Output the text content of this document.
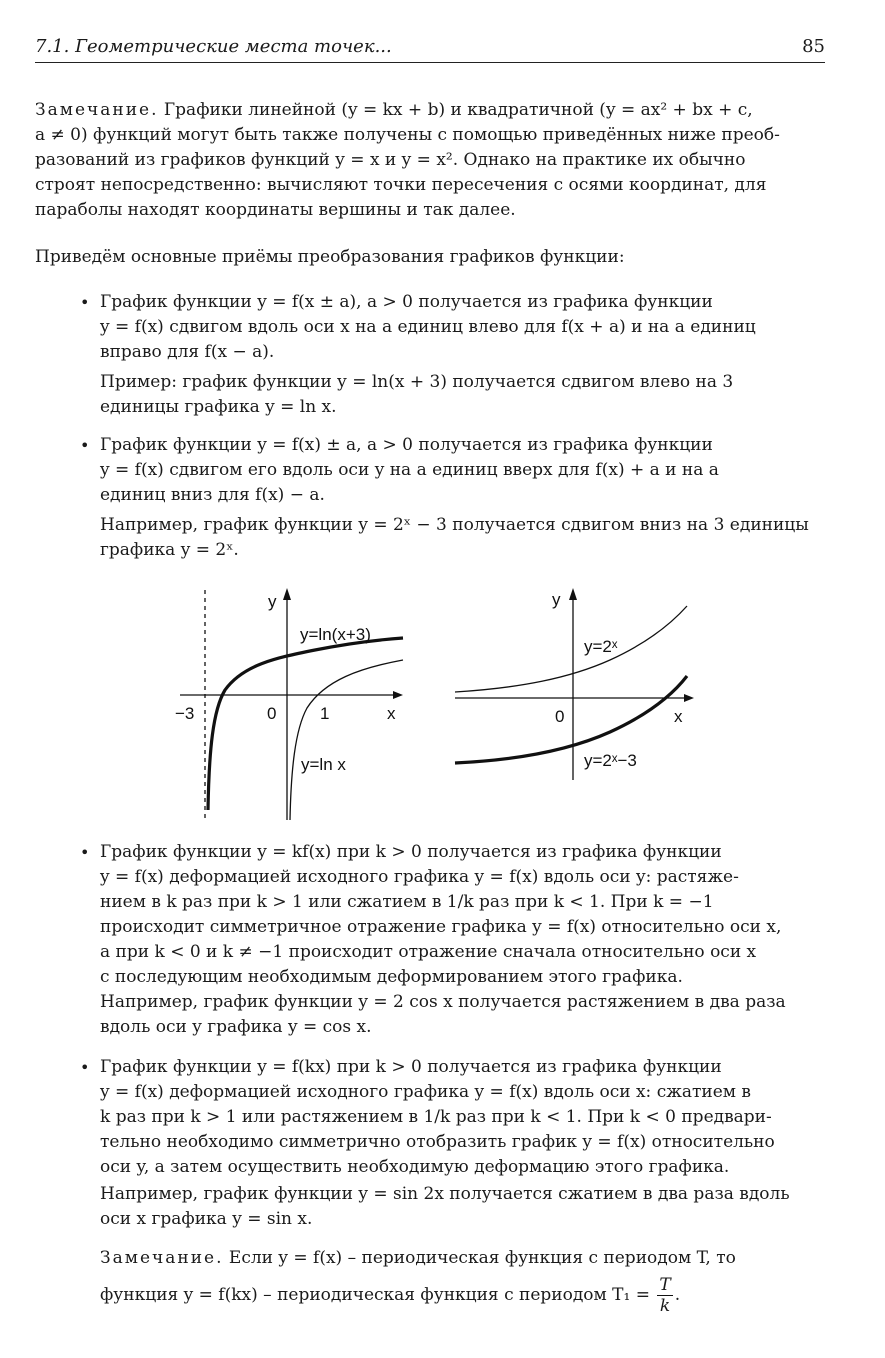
7.1. Геометрические места точек...	85
Замечание. Графики линейной (y = kx + b) и квадратичной (y = ax² + bx + c,
a ≠ 0) функций могут быть также получены с помощью приведённых ниже преоб-
разований из графиков функций y = x и y = x². Однако на практике их обычно
строят непосредственно: вычисляют точки пересечения с осями координат, для
параболы находят координаты вершины и так далее.
Приведём основные приёмы преобразования графиков функции:
• График функции y = f(x ± a), a > 0 получается из графика функции
y = f(x) сдвигом вдоль оси x на a единиц влево для f(x + a) и на a единиц
вправо для f(x − a).
Пример: график функции y = ln(x + 3) получается сдвигом влево на 3
единицы графика y = ln x.
• График функции y = f(x) ± a, a > 0 получается из графика функции
y = f(x) сдвигом его вдоль оси y на a единиц вверх для f(x) + a и на a
единиц вниз для f(x) − a.
Например, график функции y = 2ˣ − 3 получается сдвигом вниз на 3 единицы
графика y = 2ˣ.
y
x
−3	0	1
y=ln(x+3)
y=ln x
y
x
0
y=2ˣ
y=2ˣ−3
• График функции y = kf(x) при k > 0 получается из графика функции
y = f(x) деформацией исходного графика y = f(x) вдоль оси y: растяже-
нием в k раз при k > 1 или сжатием в 1/k раз при k < 1. При k = −1
происходит симметричное отражение графика y = f(x) относительно оси x,
а при k < 0 и k ≠ −1 происходит отражение сначала относительно оси x
с последующим необходимым деформированием этого графика.
Например, график функции y = 2 cos x получается растяжением в два раза
вдоль оси y графика y = cos x.
• График функции y = f(kx) при k > 0 получается из графика функции
y = f(x) деформацией исходного графика y = f(x) вдоль оси x: сжатием в
k раз при k > 1 или растяжением в 1/k раз при k < 1. При k < 0 предвари-
тельно необходимо симметрично отобразить график y = f(x) относительно
оси y, а затем осуществить необходимую деформацию этого графика.
Например, график функции y = sin 2x получается сжатием в два раза вдоль
оси x графика y = sin x.
Замечание. Если y = f(x) – периодическая функция с периодом T, то
функция y = f(kx) – периодическая функция с периодом $T_1 = \frac{T}{k}$ .
